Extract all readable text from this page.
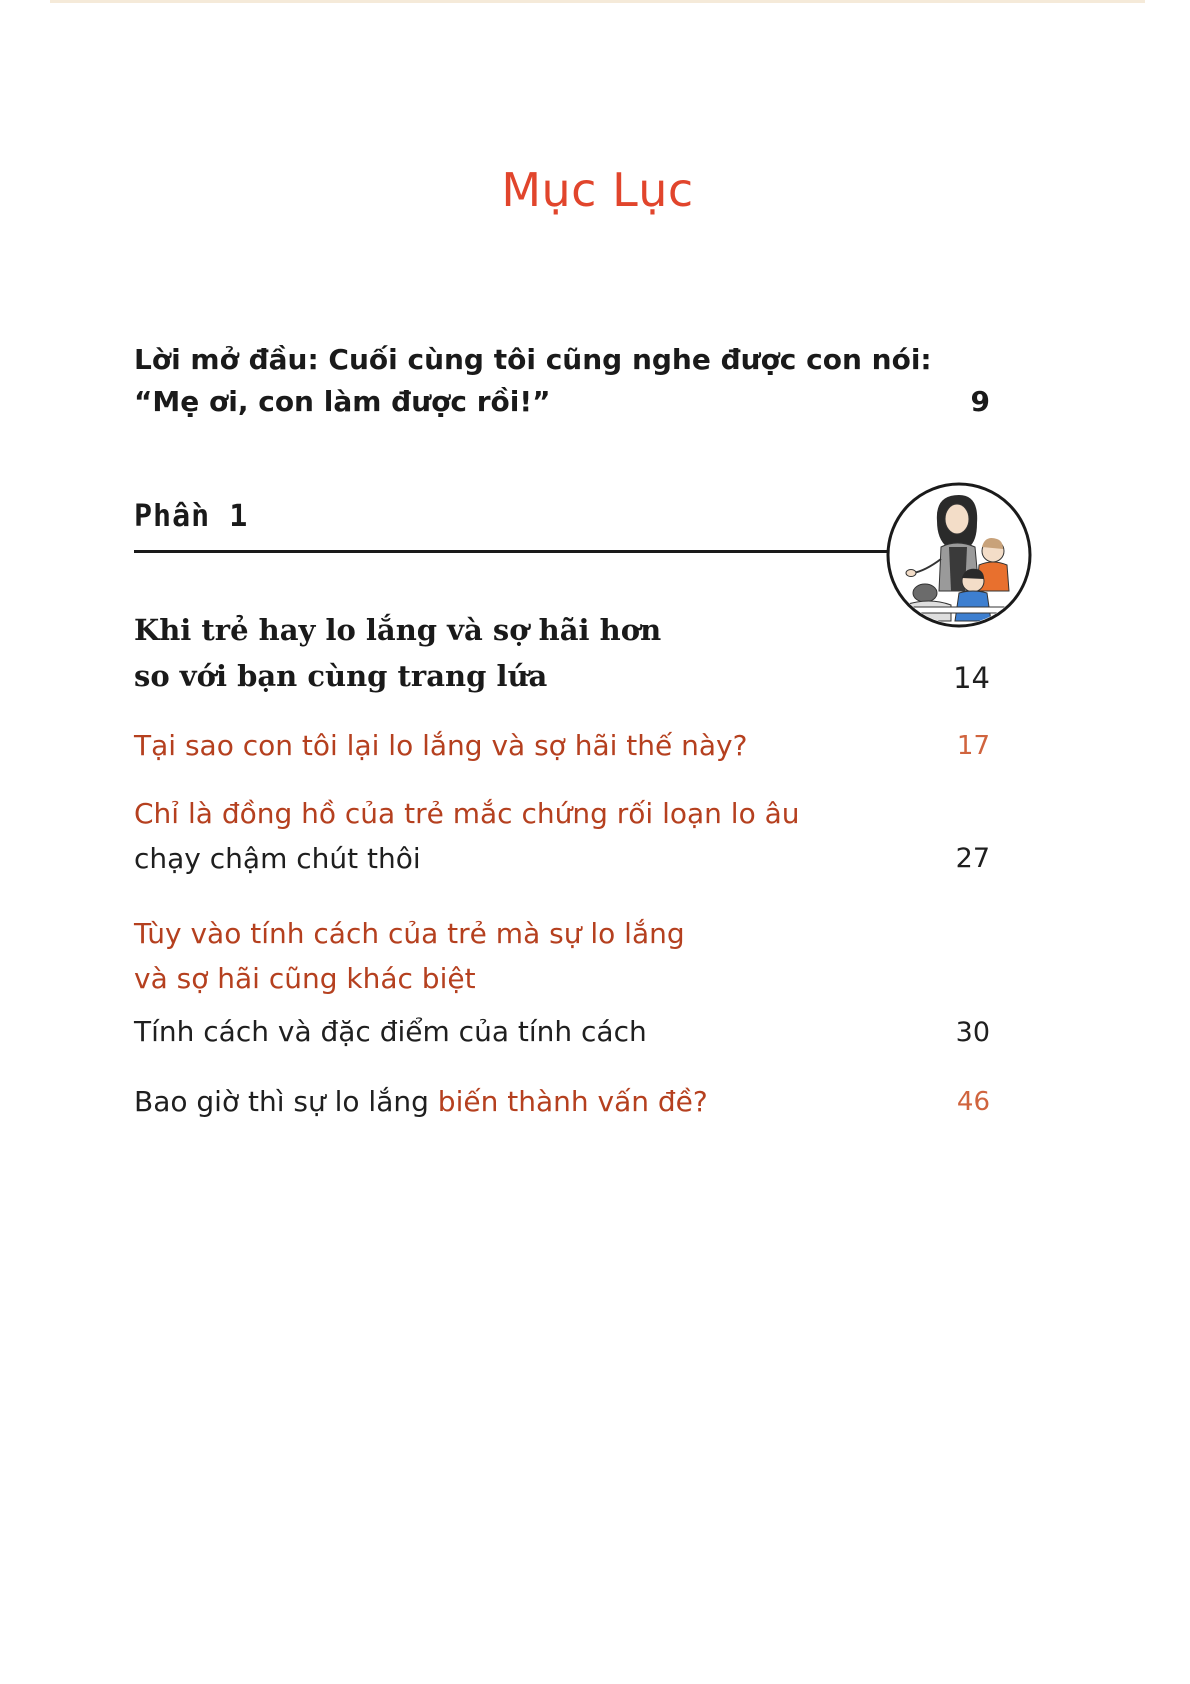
Mục Lục
Lời mở đầu: Cuối cùng tôi cũng nghe được con nói:
“Mẹ ơi, con làm được rồi!”	9
Phần 1
Khi trẻ hay lo lắng và sợ hãi hơn
so với bạn cùng trang lứa	14
Tại sao con tôi lại lo lắng và sợ hãi thế này?	17
Chỉ là đồng hồ của trẻ mắc chứng rối loạn lo âu
chạy chậm chút thôi	27
Tùy vào tính cách của trẻ mà sự lo lắng
và sợ hãi cũng khác biệt
Tính cách và đặc điểm của tính cách	30
Bao giờ thì sự lo lắng biến thành vấn đề?	46
